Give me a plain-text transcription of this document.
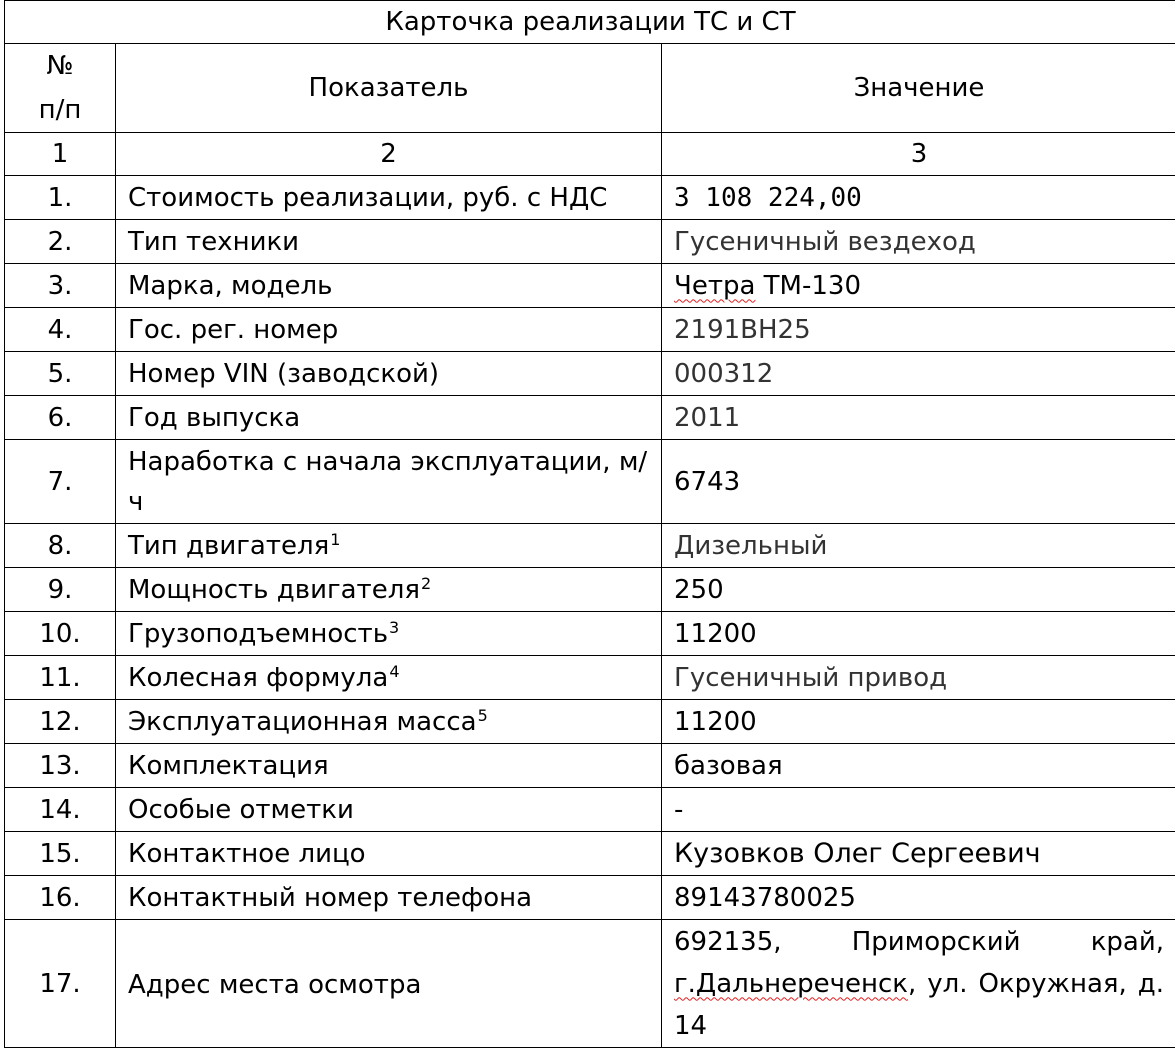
Карточка реализации ТС и СТ		
№
п/п	Показатель	Значение
1	2	3
1.	Стоимость реализации, руб. с НДС	3 108 224,00
2.	Тип техники	Гусеничный вездеход
3.	Марка, модель	Четра ТМ-130
4.	Гос. рег. номер	2191ВН25
5.	Номер VIN (заводской)	000312
6.	Год выпуска	2011
7.	Наработка с начала эксплуатации, м/ч	6743
8.	Тип двигателя$^1$	Дизельный
9.	Мощность двигателя$^2$	250
10.	Грузоподъемность$^3$	11200
11.	Колесная формула$^4$	Гусеничный привод
12.	Эксплуатационная масса$^5$	11200
13.	Комплектация	базовая
14.	Особые отметки	-
15.	Контактное лицо	Кузовков Олег Сергеевич
16.	Контактный номер телефона	89143780025
17.	Адрес места осмотра	692135, Приморский край, г.Дальнереченск, ул. Окружная, д. 14
